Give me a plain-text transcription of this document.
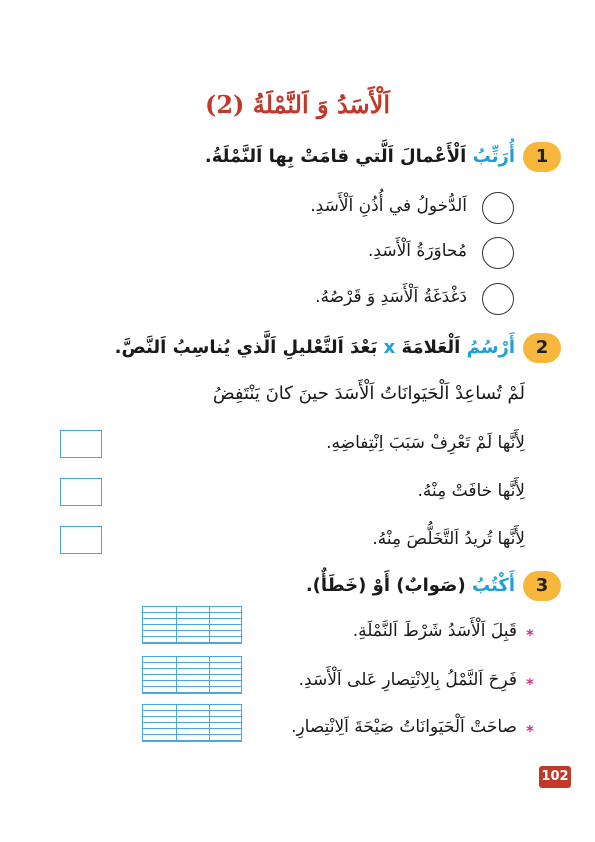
اَلْأَسَدُ وَ اَلنَّمْلَةُ (2)
1
أُرَتِّبُ اَلْأَعْمالَ اَلَّتي قامَتْ بِها اَلنَّمْلَةُ.
اَلدُّخولُ في أُذُنِ اَلْأَسَدِ.
مُحاوَرَةُ اَلْأَسَدِ.
دَغْدَغَةُ اَلْأَسَدِ وَ قَرْصُهُ.
2
أَرْسُمُ اَلْعَلامَةَ x بَعْدَ اَلتَّعْليلِ اَلَّذي يُناسِبُ اَلنَّصَّ.
لَمْ تُساعِدْ اَلْحَيَوانَاتُ اَلْأَسَدَ حينَ كانَ يَنْتَفِضُ
لِأَنَّها لَمْ تَعْرِفْ سَبَبَ اِنْتِفاضِهِ.
لِأَنَّها خافَتْ مِنْهُ.
لِأَنَّها تُريدُ اَلتَّخَلُّصَ مِنْهُ.
3
أَكْتُبُ (صَوابٌ) أَوْ (خَطَأٌ).
*
قَبِلَ اَلْأَسَدُ شَرْطَ اَلنَّمْلَةِ.
*
فَرِحَ اَلنَّمْلُ بِالِانْتِصارِ عَلى اَلْأَسَدِ.
*
صاحَتْ اَلْحَيَوانَاتُ صَيْحَةَ اَلِانْتِصارِ.
102
